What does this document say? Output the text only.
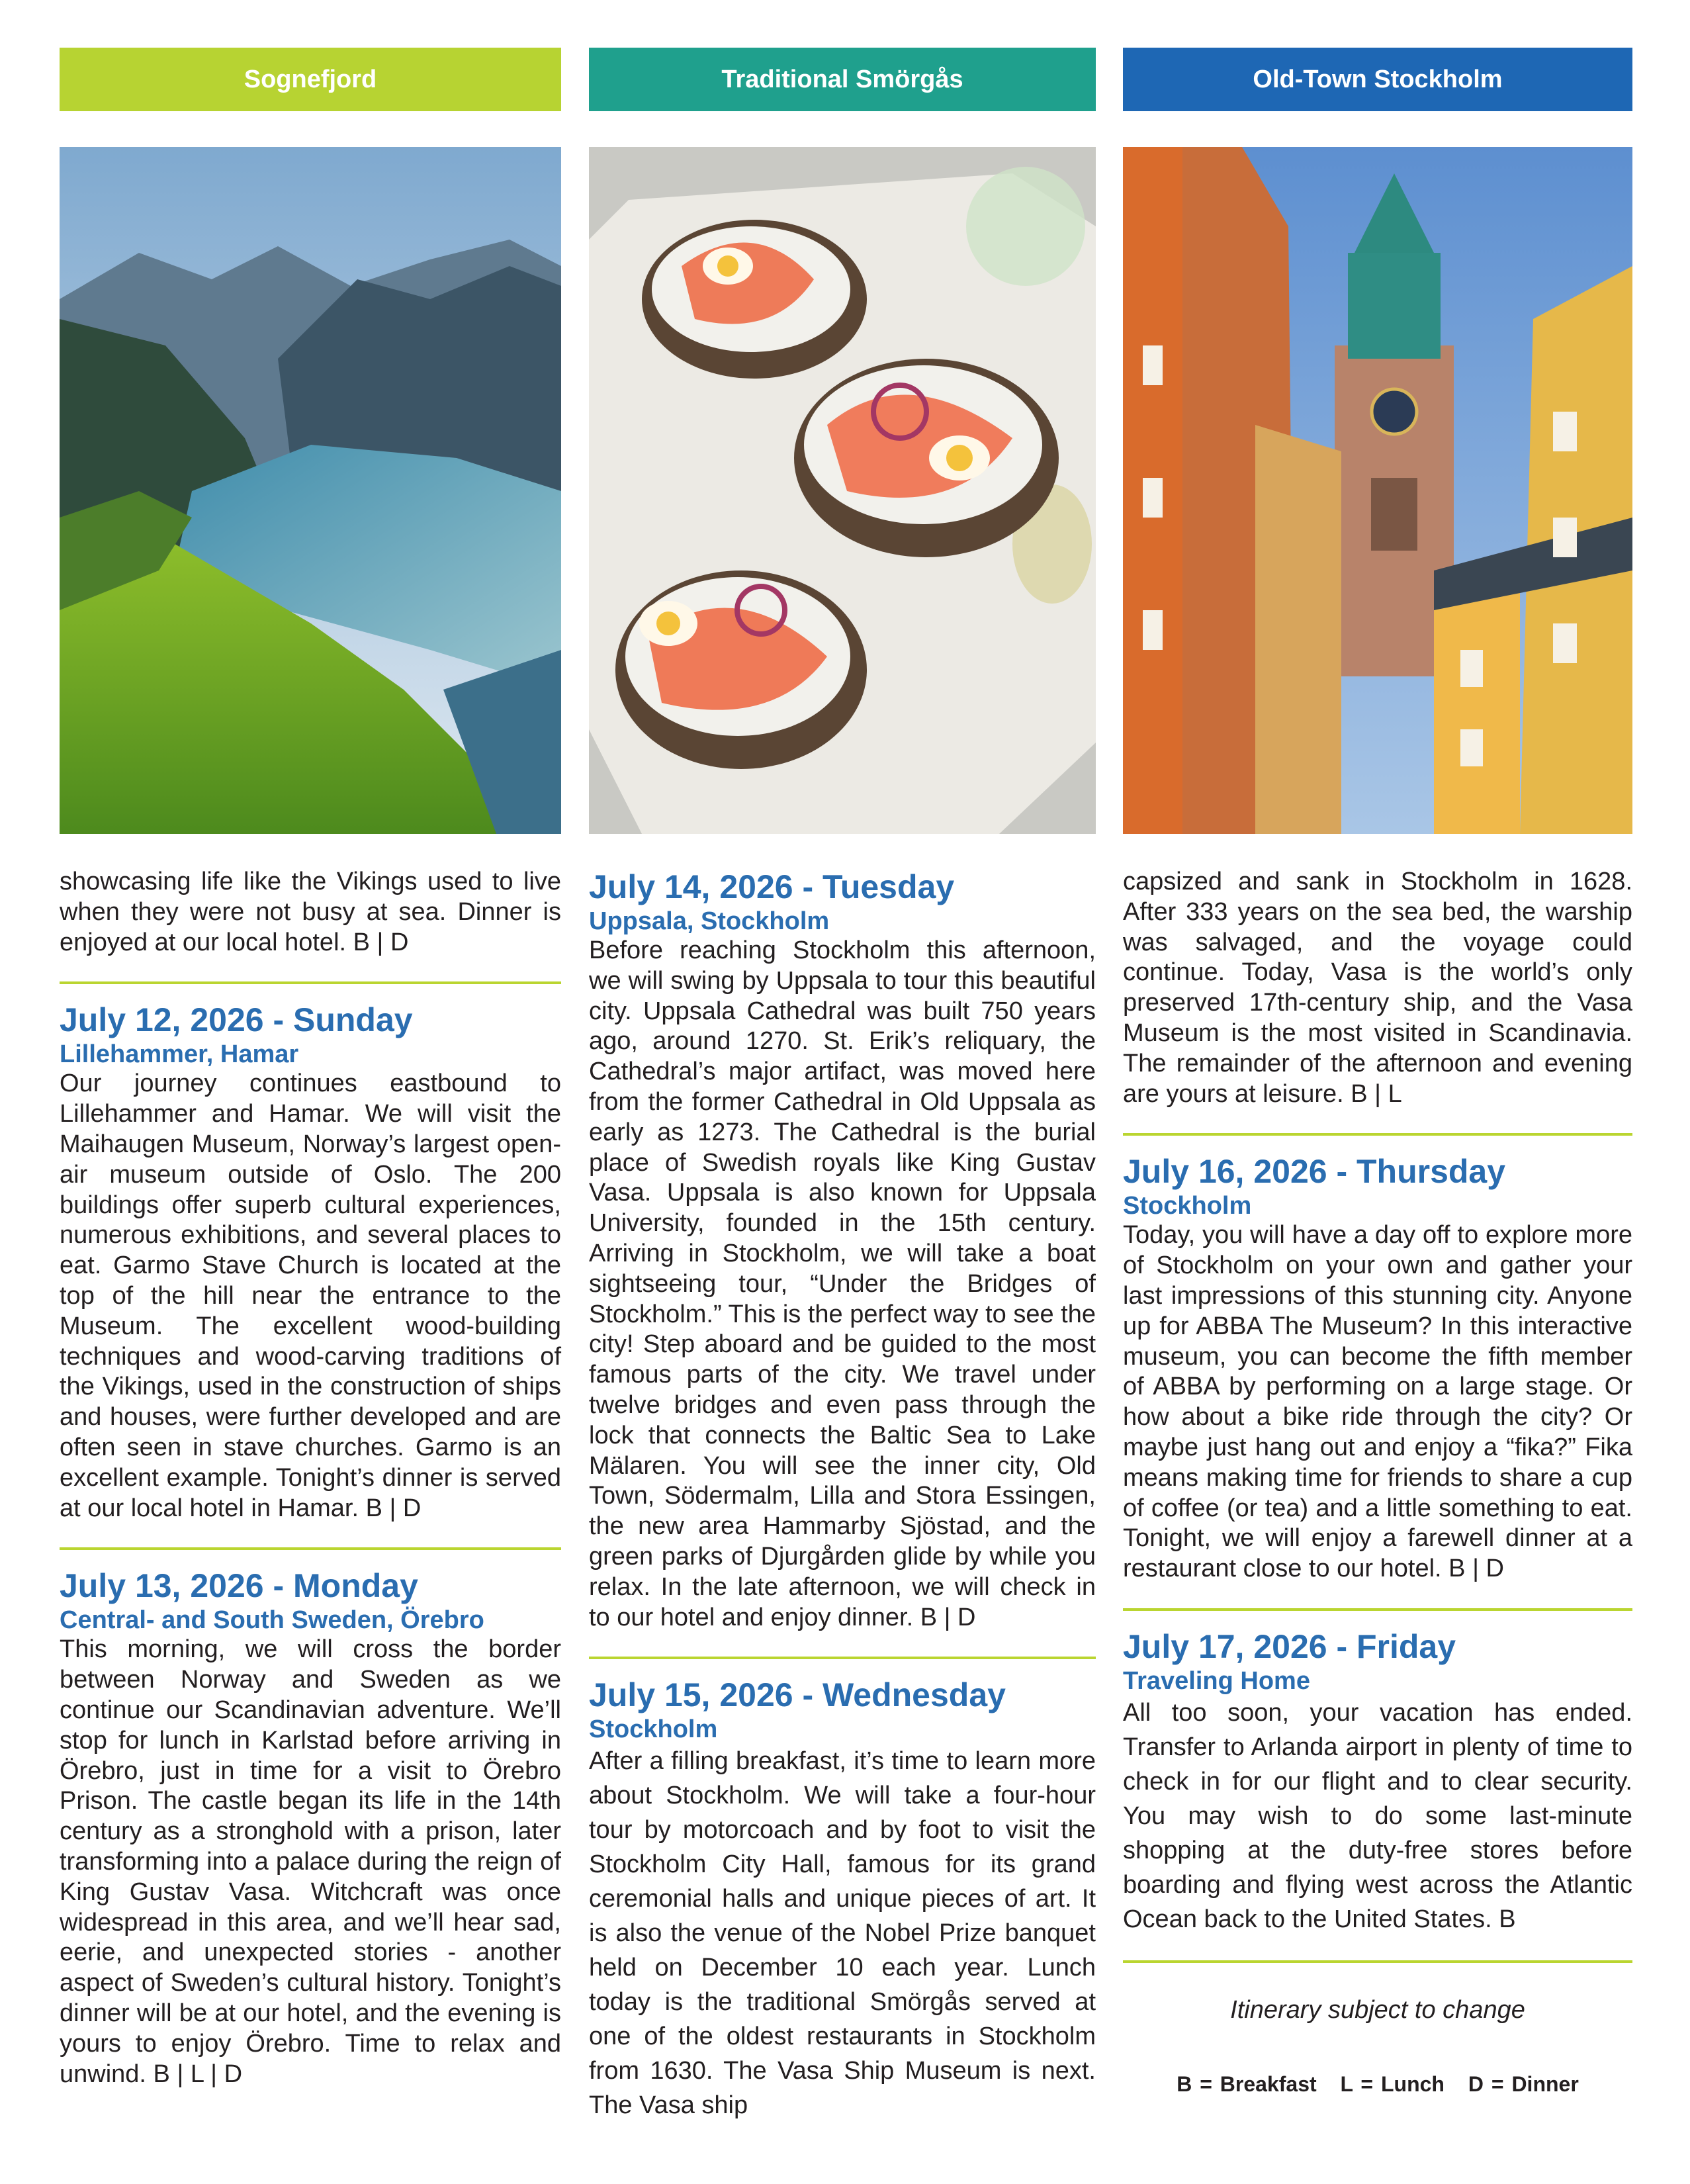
Sognefjord

showcasing life like the Vikings used to live when they were not busy at sea. Dinner is enjoyed at our local hotel. B | D

July 12, 2026 - Sunday
Lillehammer, Hamar

Our journey continues eastbound to Lillehammer and Hamar. We will visit the Maihaugen Museum, Norway’s largest open-air museum outside of Oslo. The 200 buildings offer superb cultural experiences, numerous exhibitions, and several places to eat. Garmo Stave Church is located at the top of the hill near the entrance to the Museum. The excellent wood-building techniques and wood-carving traditions of the Vikings, used in the construction of ships and houses, were further developed and are often seen in stave churches. Garmo is an excellent example. Tonight’s dinner is served at our local hotel in Hamar. B | D

July 13, 2026 - Monday
Central- and South Sweden, Örebro

This morning, we will cross the border between Norway and Sweden as we continue our Scandinavian adventure. We’ll stop for lunch in Karlstad before arriving in Örebro, just in time for a visit to Örebro Prison. The castle began its life in the 14th century as a stronghold with a prison, later transforming into a palace during the reign of King Gustav Vasa. Witchcraft was once widespread in this area, and we’ll hear sad, eerie, and unexpected stories - another aspect of Sweden’s cultural history. Tonight’s dinner will be at our hotel, and the evening is yours to enjoy Örebro. Time to relax and unwind. B | L | D

Traditional Smörgås
July 14, 2026 - Tuesday
Uppsala, Stockholm

Before reaching Stockholm this afternoon, we will swing by Uppsala to tour this beautiful city. Uppsala Cathedral was built 750 years ago, around 1270. St. Erik’s reliquary, the Cathedral’s major artifact, was moved here from the former Cathedral in Old Uppsala as early as 1273. The Cathedral is the burial place of Swedish royals like King Gustav Vasa. Uppsala is also known for Uppsala University, founded in the 15th century. Arriving in Stockholm, we will take a boat sightseeing tour, “Under the Bridges of Stockholm.” This is the perfect way to see the city! Step aboard and be guided to the most famous parts of the city. We travel under twelve bridges and even pass through the lock that connects the Baltic Sea to Lake Mälaren. You will see the inner city, Old Town, Södermalm, Lilla and Stora Essingen, the new area Hammarby Sjöstad, and the green parks of Djurgården glide by while you relax. In the late afternoon, we will check in to our hotel and enjoy dinner. B | D

July 15, 2026 - Wednesday
Stockholm

After a filling breakfast, it’s time to learn more about Stockholm. We will take a four-hour tour by motorcoach and by foot to visit the Stockholm City Hall, famous for its grand ceremonial halls and unique pieces of art. It is also the venue of the Nobel Prize banquet held on December 10 each year. Lunch today is the traditional Smörgås served at one of the oldest restaurants in Stockholm from 1630. The Vasa Ship Museum is next. The Vasa ship

Old-Town Stockholm

capsized and sank in Stockholm in 1628. After 333 years on the sea bed, the warship was salvaged, and the voyage could continue. Today, Vasa is the world’s only preserved 17th-century ship, and the Vasa Museum is the most visited in Scandinavia. The remainder of the afternoon and evening are yours at leisure. B | L

July 16, 2026 - Thursday
Stockholm

Today, you will have a day off to explore more of Stockholm on your own and gather your last impressions of this stunning city. Anyone up for ABBA The Museum? In this interactive museum, you can become the fifth member of ABBA by performing on a large stage. Or how about a bike ride through the city? Or maybe just hang out and enjoy a “fika?” Fika means making time for friends to share a cup of coffee (or tea) and a little something to eat. Tonight, we will enjoy a farewell dinner at a restaurant close to our hotel. B | D

July 17, 2026 - Friday
Traveling Home

All too soon, your vacation has ended. Transfer to Arlanda airport in plenty of time to check in for our flight and to clear security. You may wish to do some last-minute shopping at the duty-free stores before boarding and flying west across the Atlantic Ocean back to the United States. B

Itinerary subject to change
B = Breakfast L = Lunch D = Dinner
